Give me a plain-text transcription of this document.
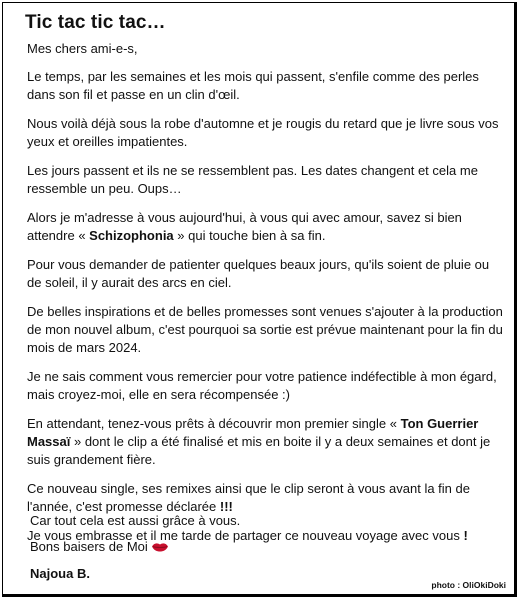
Tic tac tic tac…

Mes chers ami-e-s,

Le temps, par les semaines et les mois qui passent, s'enfile comme des perles dans son fil et passe en un clin d'œil.

Nous voilà déjà sous la robe d'automne et je rougis du retard que je livre sous vos yeux et oreilles impatientes.

Les jours passent et ils ne se ressemblent pas. Les dates changent et cela me ressemble un peu. Oups…

Alors je m'adresse à vous aujourd'hui, à vous qui avec amour, savez si bien attendre « Schizophonia » qui touche bien à sa fin.

Pour vous demander de patienter quelques beaux jours, qu'ils soient de pluie ou de soleil, il y aurait des arcs en ciel.

De belles inspirations et de belles promesses sont venues s'ajouter à la production de mon nouvel album, c'est pourquoi sa sortie est prévue maintenant pour la fin du mois de mars 2024.

Je ne sais comment vous remercier pour votre patience indéfectible à mon égard, mais croyez-moi, elle en sera récompensée :)

En attendant, tenez-vous prêts à découvrir mon premier single « Ton Guerrier Massaï » dont le clip a été finalisé et mis en boite il y a deux semaines et dont je suis grandement fière.

Ce nouveau single, ses remixes ainsi que le clip seront à vous avant la fin de l'année, c'est promesse déclarée !!!

Je vous embrasse et il me tarde de partager ce nouveau voyage avec vous !

Car tout cela est aussi grâce à vous.

Bons baisers de Moi

Najoua B.

photo : OliOkiDoki
